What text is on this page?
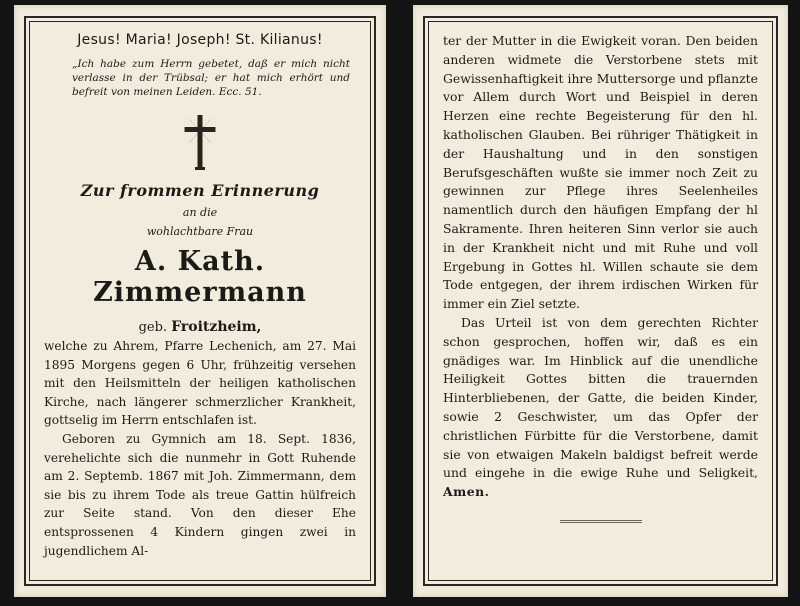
Jesus! Maria! Joseph! St. Kilianus!
„Ich habe zum Herrn gebetet, daß er mich nicht verlasse in der Trübsal; er hat mich erhört und befreit von meinen Leiden. Ecc. 51.
Zur frommen Erinnerung
an die
wohlachtbare Frau
A. Kath. Zimmermann
geb. Froitzheim,

welche zu Ahrem, Pfarre Lechenich, am 27. Mai 1895 Morgens gegen 6 Uhr, frühzeitig versehen mit den Heilsmitteln der heiligen katholischen Kirche, nach längerer schmerzlicher Krankheit, gottselig im Herrn entschlafen ist.

Geboren zu Gymnich am 18. Sept. 1836, verehelichte sich die nunmehr in Gott Ruhende am 2. Septemb. 1867 mit Joh. Zimmermann, dem sie bis zu ihrem Tode als treue Gattin hülfreich zur Seite stand. Von den dieser Ehe entsprossenen 4 Kindern gingen zwei in jugendlichem Al-

ter der Mutter in die Ewigkeit voran. Den beiden anderen widmete die Verstorbene stets mit Gewissenhaftigkeit ihre Muttersorge und pflanzte vor Allem durch Wort und Beispiel in deren Herzen eine rechte Begeisterung für den hl. katholischen Glauben. Bei rühriger Thätigkeit in der Haushaltung und in den sonstigen Berufsgeschäften wußte sie immer noch Zeit zu gewinnen zur Pflege ihres Seelenheiles namentlich durch den häufigen Empfang der hl Sakramente. Ihren heiteren Sinn verlor sie auch in der Krankheit nicht und mit Ruhe und voll Ergebung in Gottes hl. Willen schaute sie dem Tode entgegen, der ihrem irdischen Wirken für immer ein Ziel setzte.

Das Urteil ist von dem gerechten Richter schon gesprochen, hoffen wir, daß es ein gnädiges war. Im Hinblick auf die unendliche Heiligkeit Gottes bitten die trauernden Hinterbliebenen, der Gatte, die beiden Kinder, sowie 2 Geschwister, um das Opfer der christlichen Fürbitte für die Verstorbene, damit sie von etwaigen Makeln baldigst befreit werde und eingehe in die ewige Ruhe und Seligkeit, Amen.
